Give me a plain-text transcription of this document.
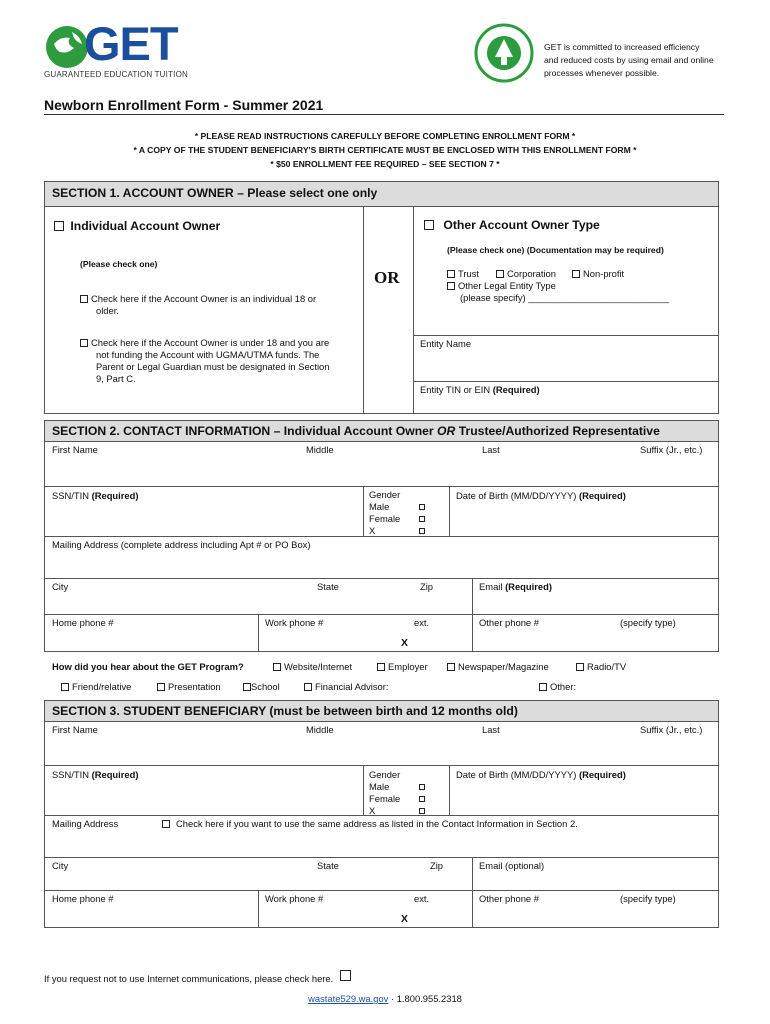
GET
GUARANTEED EDUCATION TUITION
GET is committed to increased efficiency
and reduced costs by using email and online
processes whenever possible.
Newborn Enrollment Form - Summer 2021
* PLEASE READ INSTRUCTIONS CAREFULLY BEFORE COMPLETING ENROLLMENT FORM *
* A COPY OF THE STUDENT BENEFICIARY'S BIRTH CERTIFICATE MUST BE ENCLOSED WITH THIS ENROLLMENT FORM *
* $50 ENROLLMENT FEE REQUIRED – SEE SECTION 7 *
SECTION 1. ACCOUNT OWNER – Please select one only
Individual Account Owner
(Please check one)
Check here if the Account Owner is an individual 18 or
older.
Check here if the Account Owner is under 18 and you are
not funding the Account with UGMA/UTMA funds. The
Parent or Legal Guardian must be designated in Section
9, Part C.
OR
Other Account Owner Type
(Please check one) (Documentation may be required)
Trust	Corporation	Non-profit
Other Legal Entity Type
(please specify) ___________________________
Entity Name
Entity TIN or EIN (Required)
SECTION 2. CONTACT INFORMATION – Individual Account Owner OR Trustee/Authorized Representative
First Name	Middle	Last	Suffix (Jr., etc.)
SSN/TIN (Required)	Gender
Male
Female
X
Date of Birth (MM/DD/YYYY) (Required)
Mailing Address (complete address including Apt # or PO Box)
City	State	Zip	Email (Required)
Home phone #	Work phone #	ext.	Other phone #	(specify type)
X
How did you hear about the GET Program?	Website/Internet	Employer	Newspaper/Magazine	Radio/TV
Friend/relative	Presentation	School	Financial Advisor:	Other:
SECTION 3. STUDENT BENEFICIARY (must be between birth and 12 months old)
First Name	Middle	Last	Suffix (Jr., etc.)
SSN/TIN (Required)	Gender
Male
Female
X
Date of Birth (MM/DD/YYYY) (Required)
Mailing Address	Check here if you want to use the same address as listed in the Contact Information in Section 2.
City	State	Zip	Email (optional)
Home phone #	Work phone #	ext.	Other phone #	(specify type)
X
If you request not to use Internet communications, please check here.
wastate529.wa.gov · 1.800.955.2318
